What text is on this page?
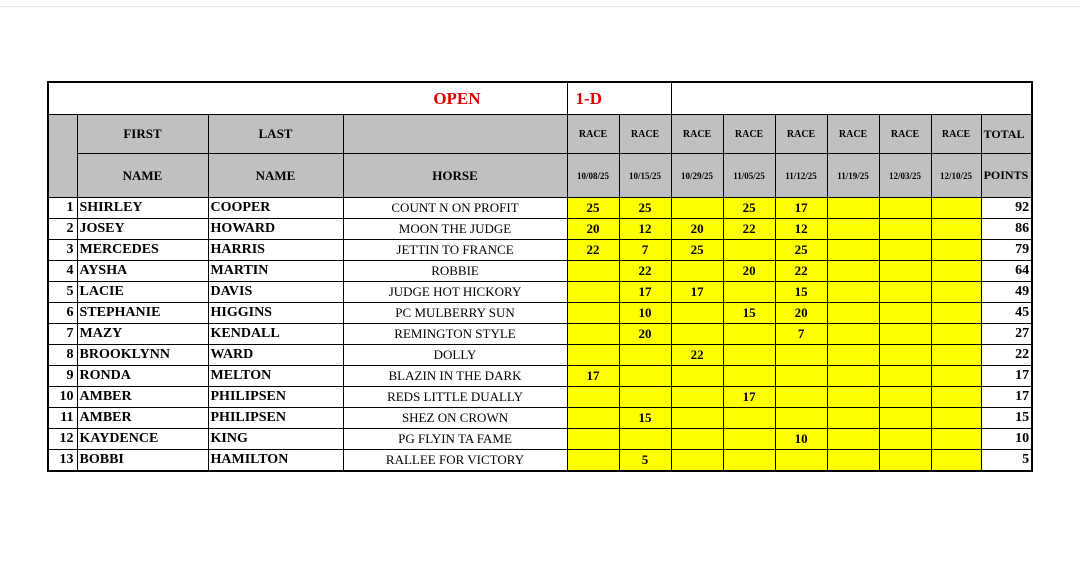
OPEN				1-D								
	FIRST	LAST		RACE	RACE	RACE	RACE	RACE	RACE	RACE	RACE	TOTAL
	NAME	NAME	HORSE	10/08/25	10/15/25	10/29/25	11/05/25	11/12/25	11/19/25	12/03/25	12/10/25	POINTS
1	SHIRLEY	COOPER	COUNT N ON PROFIT	25	25		25	17				92
2	JOSEY	HOWARD	MOON THE JUDGE	20	12	20	22	12				86
3	MERCEDES	HARRIS	JETTIN TO FRANCE	22	7	25		25				79
4	AYSHA	MARTIN	ROBBIE		22		20	22				64
5	LACIE	DAVIS	JUDGE HOT HICKORY		17	17		15				49
6	STEPHANIE	HIGGINS	PC MULBERRY SUN		10		15	20				45
7	MAZY	KENDALL	REMINGTON STYLE		20			7				27
8	BROOKLYNN	WARD	DOLLY			22						22
9	RONDA	MELTON	BLAZIN IN THE DARK	17								17
10	AMBER	PHILIPSEN	REDS LITTLE DUALLY				17					17
11	AMBER	PHILIPSEN	SHEZ ON CROWN		15							15
12	KAYDENCE	KING	PG FLYIN TA FAME					10				10
13	BOBBI	HAMILTON	RALLEE FOR VICTORY		5							5
